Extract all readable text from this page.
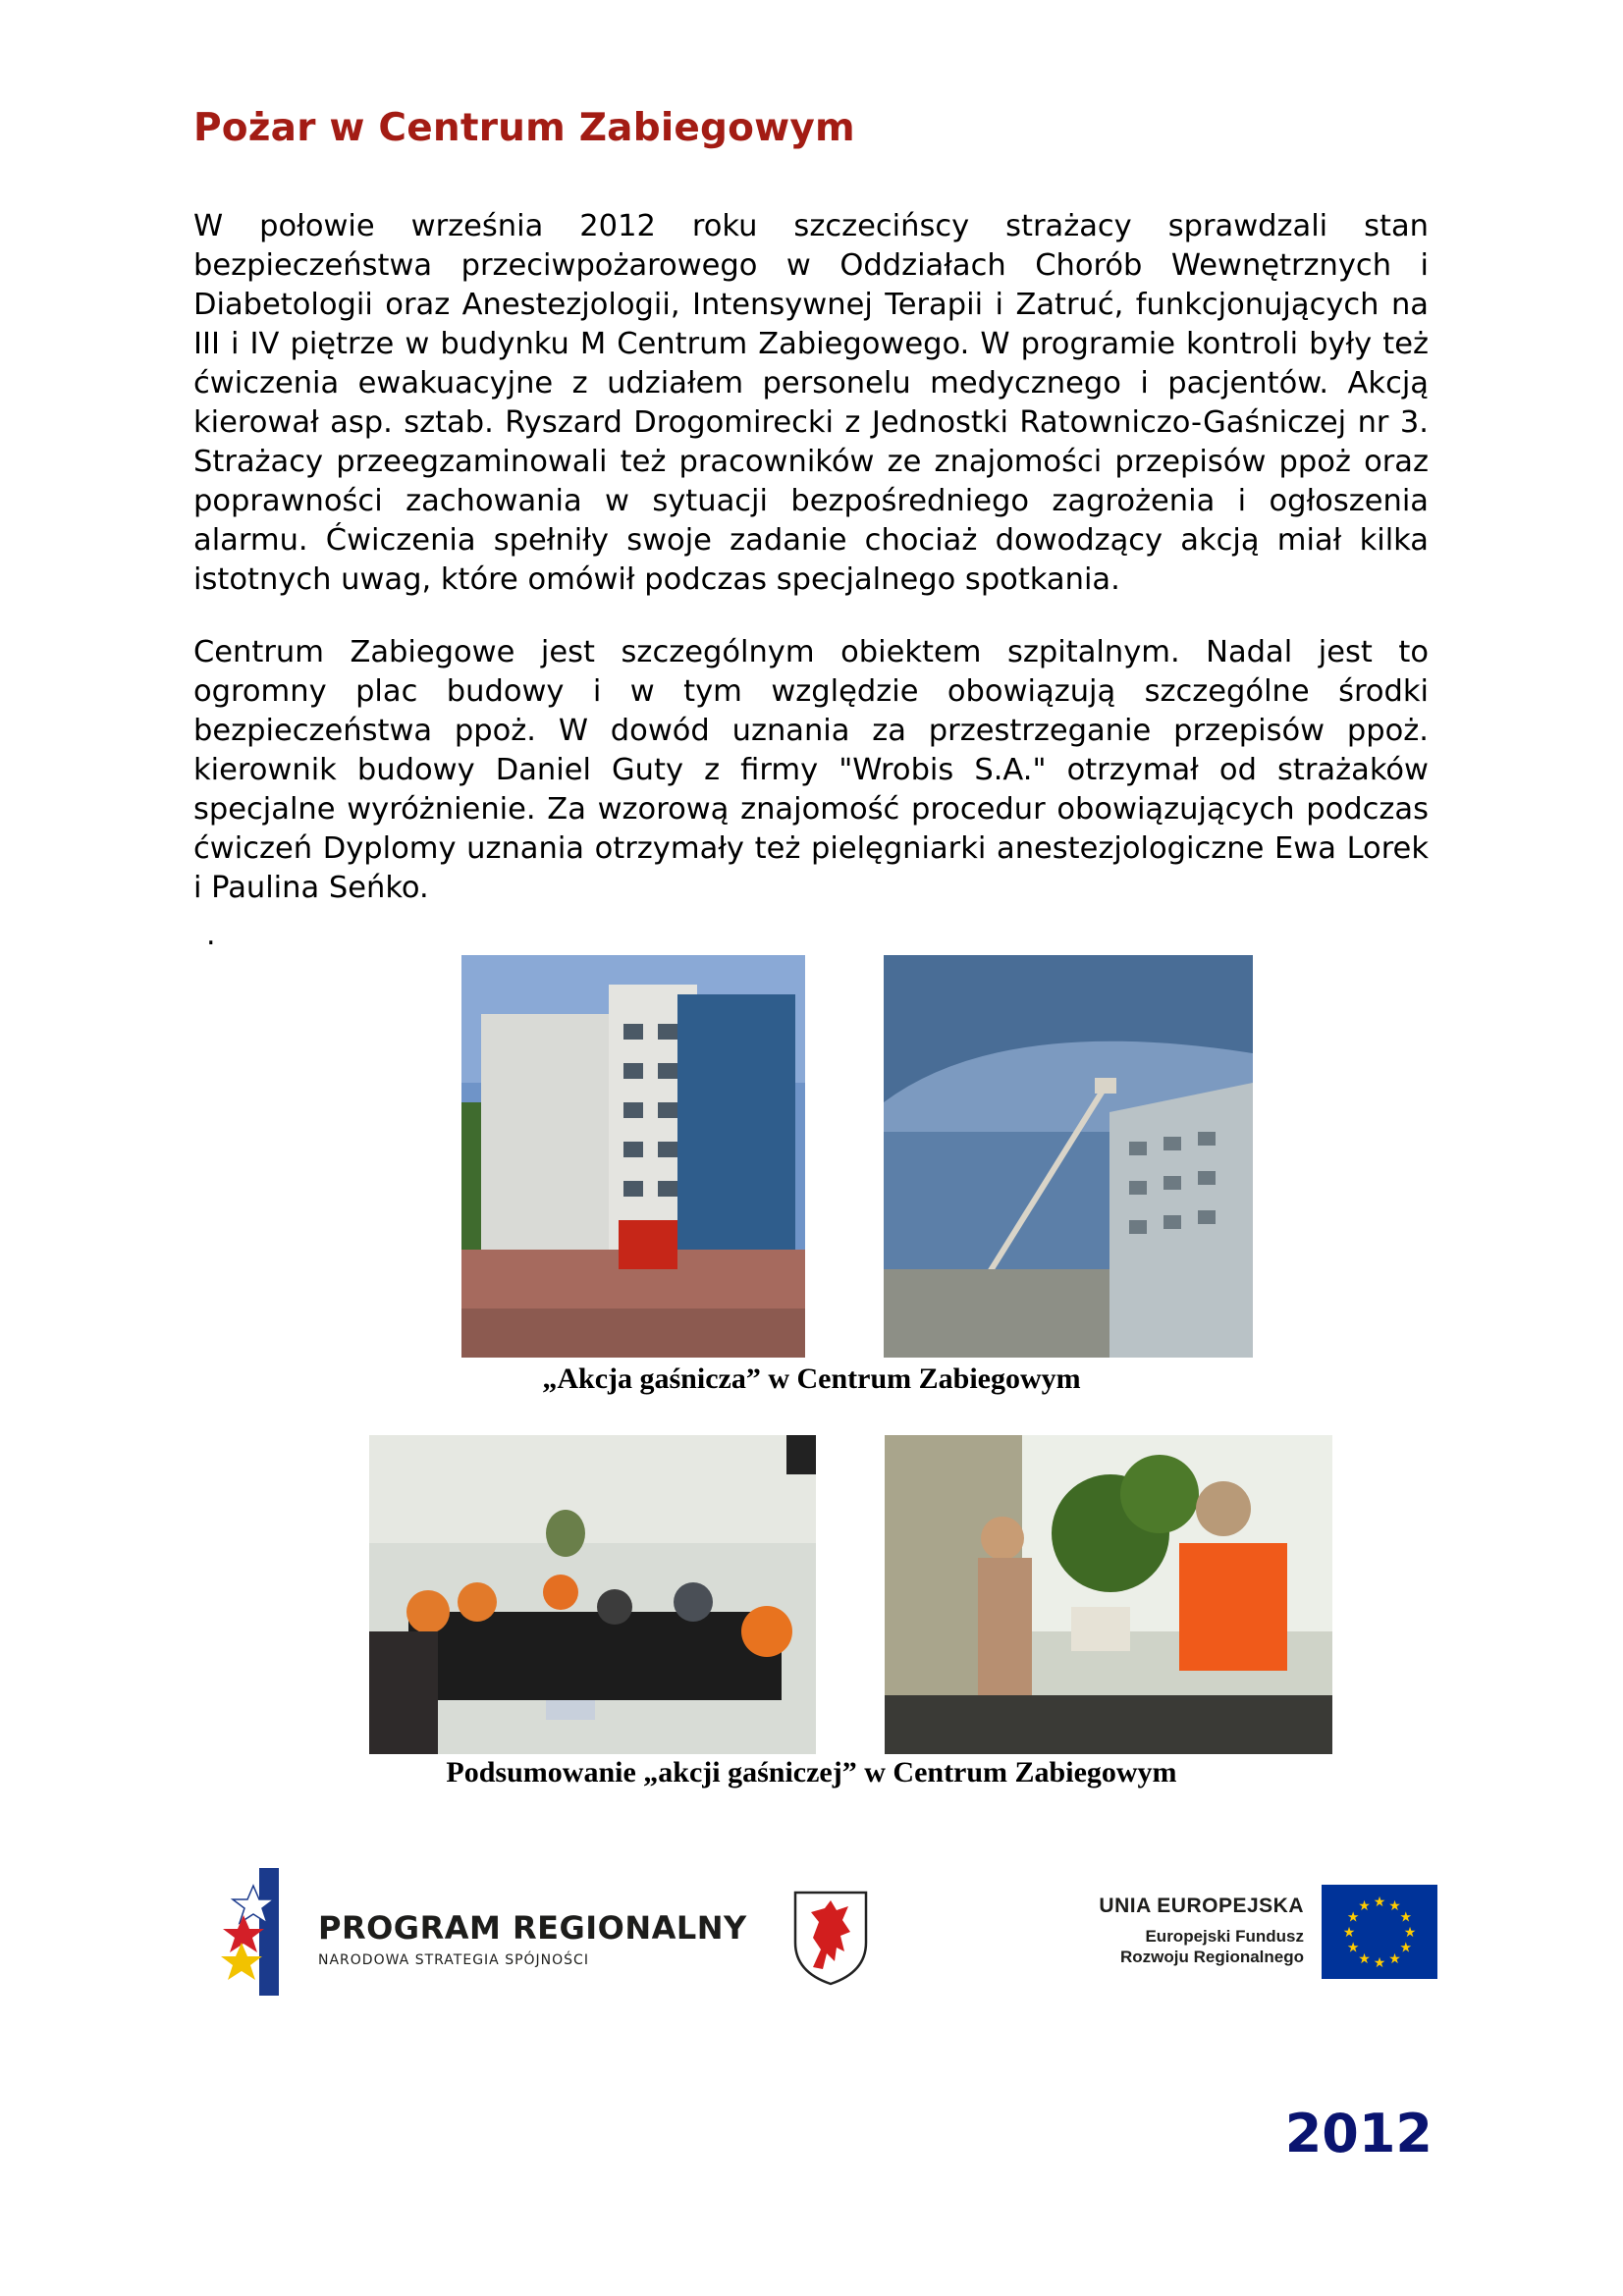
Pożar w Centrum Zabiegowym

W połowie września 2012 roku szczecińscy strażacy sprawdzali stan bezpieczeństwa przeciwpożarowego w Oddziałach Chorób Wewnętrznych i Diabetologii oraz Anestezjologii, Intensywnej Terapii i Zatruć, funkcjonujących na III i IV piętrze w budynku M Centrum Zabiegowego. W programie kontroli były też ćwiczenia ewakuacyjne z udziałem personelu medycznego i pacjentów. Akcją kierował asp. sztab. Ryszard Drogomirecki z Jednostki Ratowniczo-Gaśniczej nr 3. Strażacy przeegzaminowali też pracowników ze znajomości przepisów ppoż oraz poprawności zachowania w sytuacji bezpośredniego zagrożenia i ogłoszenia alarmu. Ćwiczenia spełniły swoje zadanie chociaż dowodzący akcją miał kilka istotnych uwag, które omówił podczas specjalnego spotkania.

Centrum Zabiegowe jest szczególnym obiektem szpitalnym. Nadal jest to ogromny plac budowy i w tym względzie obowiązują szczególne środki bezpieczeństwa ppoż. W dowód uznania za przestrzeganie przepisów ppoż. kierownik budowy Daniel Guty z firmy "Wrobis S.A." otrzymał od strażaków specjalne wyróżnienie. Za wzorową znajomość procedur obowiązujących podczas ćwiczeń Dyplomy uznania otrzymały też pielęgniarki anestezjologiczne Ewa Lorek i Paulina Seńko.

.

„Akcja gaśnicza” w Centrum Zabiegowym

Podsumowanie „akcji gaśniczej” w Centrum Zabiegowym

PROGRAM REGIONALNY
NARODOWA STRATEGIA SPÓJNOŚCI

UNIA EUROPEJSKA

Europejski Fundusz

Rozwoju Regionalnego

★ ★
★
★
★
★
★
★
★
★
★
★

2012
